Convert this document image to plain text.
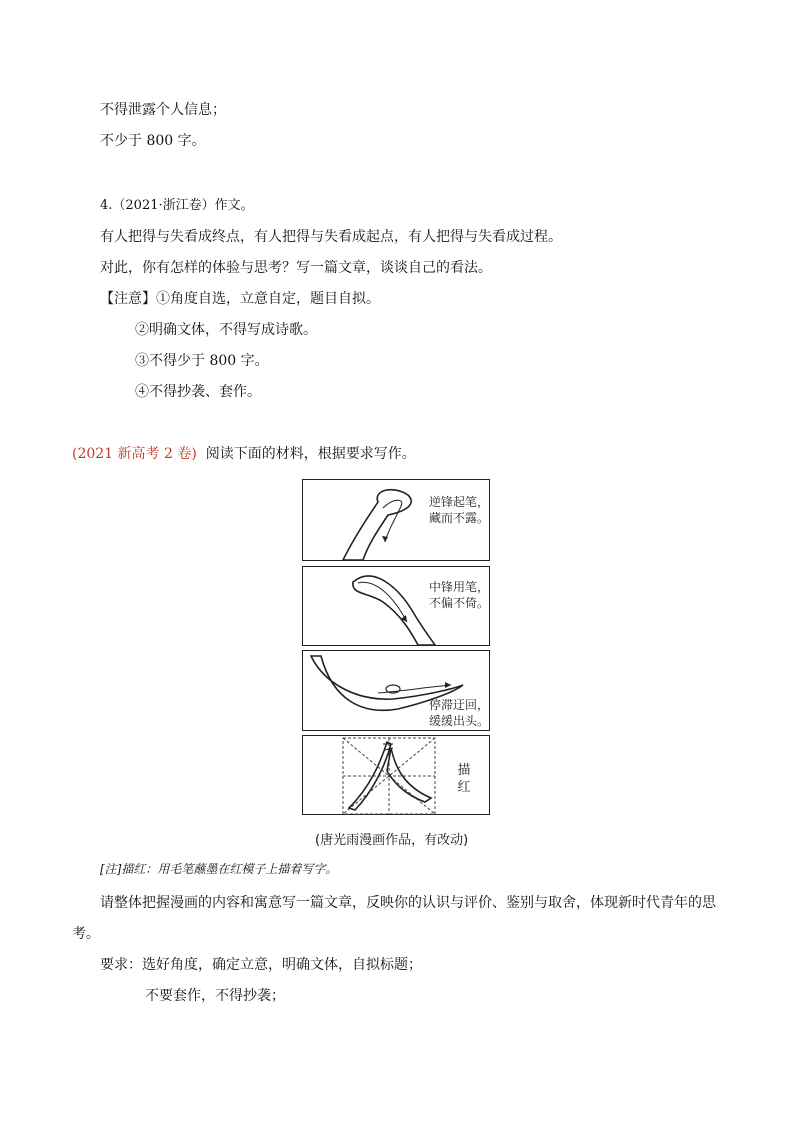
不得泄露个人信息；
不少于 800 字。
4.（2021·浙江卷）作文。
有人把得与失看成终点，有人把得与失看成起点，有人把得与失看成过程。
对此，你有怎样的体验与思考？写一篇文章，谈谈自己的看法。
【注意】①角度自选，立意自定，题目自拟。
②明确文体，不得写成诗歌。
③不得少于 800 字。
④不得抄袭、套作。
(2021 新高考 2 卷) 阅读下面的材料，根据要求写作。
逆锋起笔，
藏而不露。
中锋用笔，
不偏不倚。
停滞迂回，
缓缓出头。
描
红
(唐光雨漫画作品，有改动)
[注]描红：用毛笔蘸墨在红模子上描着写字。
请整体把握漫画的内容和寓意写一篇文章，反映你的认识与评价、鉴别与取舍，体现新时代青年的思
考。
要求：选好角度，确定立意，明确文体，自拟标题；
不要套作，不得抄袭；
